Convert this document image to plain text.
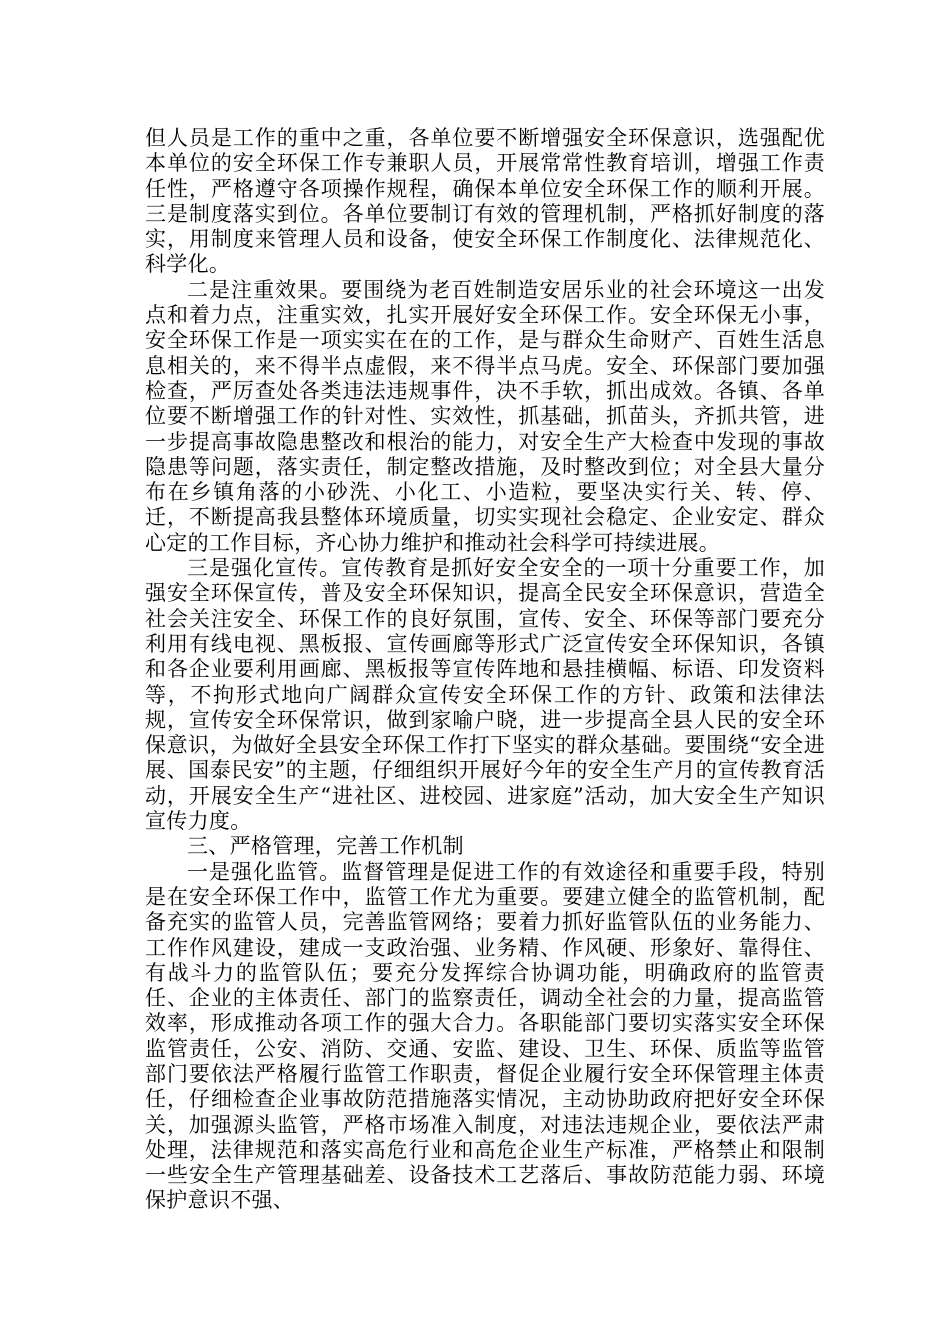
但人员是工作的重中之重，各单位要不断增强安全环保意识，选强配优本单位的安全环保工作专兼职人员，开展常常性教育培训，增强工作责任性，严格遵守各项操作规程，确保本单位安全环保工作的顺利开展。三是制度落实到位。各单位要制订有效的管理机制，严格抓好制度的落实，用制度来管理人员和设备，使安全环保工作制度化、法律规范化、科学化。

二是注重效果。要围绕为老百姓制造安居乐业的社会环境这一出发点和着力点，注重实效，扎实开展好安全环保工作。安全环保无小事，安全环保工作是一项实实在在的工作，是与群众生命财产、百姓生活息息相关的，来不得半点虚假，来不得半点马虎。安全、环保部门要加强检查，严厉查处各类违法违规事件，决不手软，抓出成效。各镇、各单位要不断增强工作的针对性、实效性，抓基础，抓苗头，齐抓共管，进一步提高事故隐患整改和根治的能力，对安全生产大检查中发现的事故隐患等问题，落实责任，制定整改措施，及时整改到位；对全县大量分布在乡镇角落的小砂洗、小化工、小造粒，要坚决实行关、转、停、迁，不断提高我县整体环境质量，切实实现社会稳定、企业安定、群众心定的工作目标，齐心协力维护和推动社会科学可持续进展。

三是强化宣传。宣传教育是抓好安全安全的一项十分重要工作，加强安全环保宣传，普及安全环保知识，提高全民安全环保意识，营造全社会关注安全、环保工作的良好氛围，宣传、安全、环保等部门要充分利用有线电视、黑板报、宣传画廊等形式广泛宣传安全环保知识，各镇和各企业要利用画廊、黑板报等宣传阵地和悬挂横幅、标语、印发资料等，不拘形式地向广阔群众宣传安全环保工作的方针、政策和法律法规，宣传安全环保常识，做到家喻户晓，进一步提高全县人民的安全环保意识，为做好全县安全环保工作打下坚实的群众基础。要围绕“安全进展、国泰民安”的主题，仔细组织开展好今年的安全生产月的宣传教育活动，开展安全生产“进社区、进校园、进家庭”活动，加大安全生产知识宣传力度。

三、严格管理，完善工作机制

一是强化监管。监督管理是促进工作的有效途径和重要手段，特别是在安全环保工作中，监管工作尤为重要。要建立健全的监管机制，配备充实的监管人员，完善监管网络；要着力抓好监管队伍的业务能力、工作作风建设，建成一支政治强、业务精、作风硬、形象好、靠得住、有战斗力的监管队伍；要充分发挥综合协调功能，明确政府的监管责任、企业的主体责任、部门的监察责任，调动全社会的力量，提高监管效率，形成推动各项工作的强大合力。各职能部门要切实落实安全环保监管责任，公安、消防、交通、安监、建设、卫生、环保、质监等监管部门要依法严格履行监管工作职责，督促企业履行安全环保管理主体责任，仔细检查企业事故防范措施落实情况，主动协助政府把好安全环保关，加强源头监管，严格市场准入制度，对违法违规企业，要依法严肃处理，法律规范和落实高危行业和高危企业生产标准，严格禁止和限制一些安全生产管理基础差、设备技术工艺落后、事故防范能力弱、环境保护意识不强、
